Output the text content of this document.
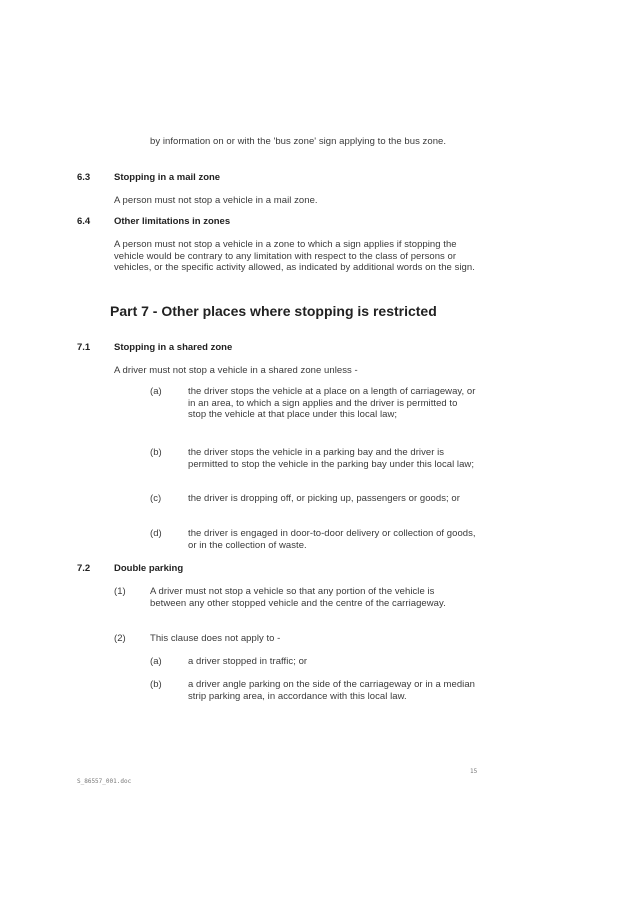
by information on or with the 'bus zone' sign applying to the bus zone.
6.3	Stopping in a mail zone
A person must not stop a vehicle in a mail zone.
6.4	Other limitations in zones
A person must not stop a vehicle in a zone to which a sign applies if stopping the vehicle would be contrary to any limitation with respect to the class of persons or vehicles, or the specific activity allowed, as indicated by additional words on the sign.
Part 7 - Other places where stopping is restricted
7.1	Stopping in a shared zone
A driver must not stop a vehicle in a shared zone unless -
(a)	the driver stops the vehicle at a place on a length of carriageway, or in an area, to which a sign applies and the driver is permitted to stop the vehicle at that place under this local law;
(b)	the driver stops the vehicle in a parking bay and the driver is permitted to stop the vehicle in the parking bay under this local law;
(c)	the driver is dropping off, or picking up, passengers or goods; or
(d)	the driver is engaged in door-to-door delivery or collection of goods, or in the collection of waste.
7.2	Double parking
(1)	A driver must not stop a vehicle so that any portion of the vehicle is between any other stopped vehicle and the centre of the carriageway.
(2)	This clause does not apply to -
(a)	a driver stopped in traffic; or
(b)	a driver angle parking on the side of the carriageway or in a median strip parking area, in accordance with this local law.
15
S_86557_001.doc
